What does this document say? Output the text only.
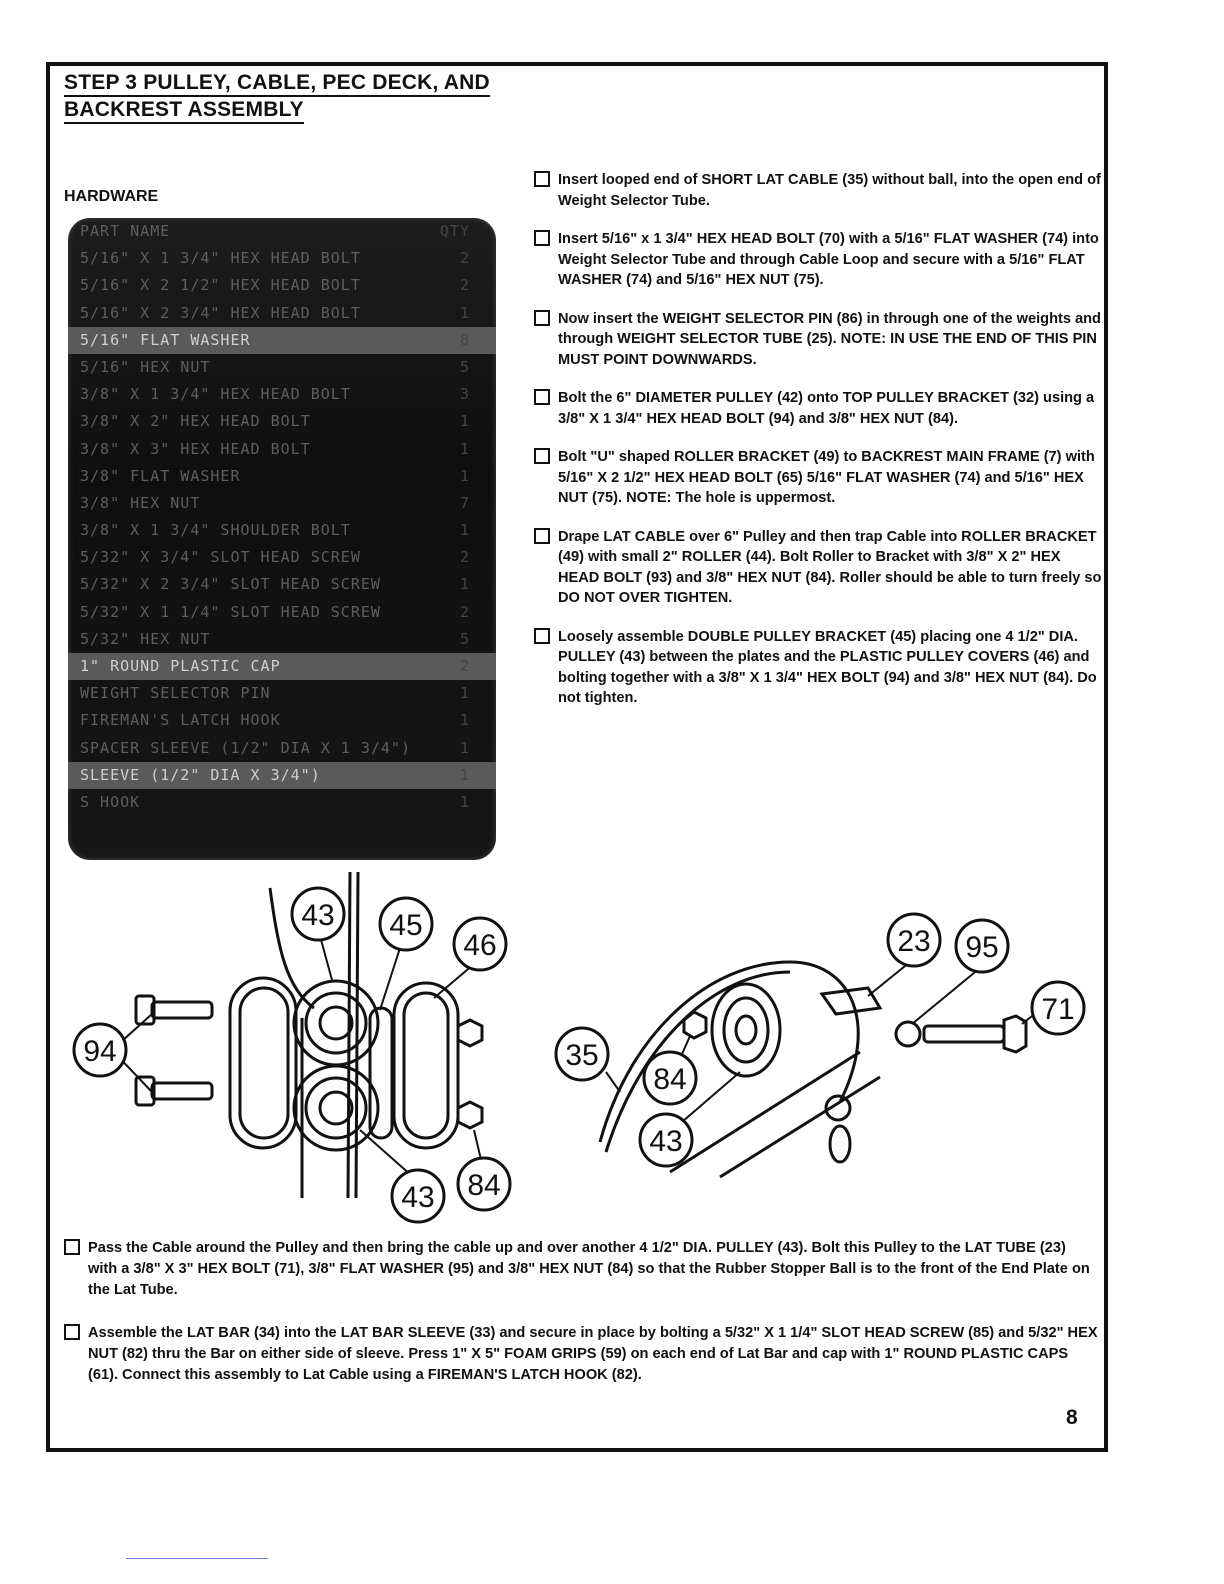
STEP 3 PULLEY, CABLE, PEC DECK, AND
BACKREST ASSEMBLY
HARDWARE
PART NAME	QTY
5/16" X 1 3/4" HEX HEAD BOLT	2
5/16" X 2 1/2" HEX HEAD BOLT	2
5/16" X 2 3/4" HEX HEAD BOLT	1
5/16" FLAT WASHER	8
5/16" HEX NUT	5
3/8" X 1 3/4" HEX HEAD BOLT	3
3/8" X 2" HEX HEAD BOLT	1
3/8" X 3" HEX HEAD BOLT	1
3/8" FLAT WASHER	1
3/8" HEX NUT	7
3/8" X 1 3/4" SHOULDER BOLT	1
5/32" X 3/4" SLOT HEAD SCREW	2
5/32" X 2 3/4" SLOT HEAD SCREW	1
5/32" X 1 1/4" SLOT HEAD SCREW	2
5/32" HEX NUT	5
1" ROUND PLASTIC CAP	2
WEIGHT SELECTOR PIN	1
FIREMAN'S LATCH HOOK	1
SPACER SLEEVE (1/2" DIA X 1 3/4")	1
SLEEVE (1/2" DIA X 3/4")	1
S HOOK	1
Insert looped end of SHORT LAT CABLE (35) without ball, into the open end of Weight Selector Tube.
Insert 5/16" x 1 3/4" HEX HEAD BOLT (70) with a 5/16" FLAT WASHER (74) into Weight Selector Tube and through Cable Loop and secure with a 5/16" FLAT WASHER (74) and 5/16" HEX NUT (75).
Now insert the WEIGHT SELECTOR PIN (86) in through one of the weights and through WEIGHT SELECTOR TUBE (25). NOTE: IN USE THE END OF THIS PIN MUST POINT DOWNWARDS.
Bolt the 6" DIAMETER PULLEY (42) onto TOP PULLEY BRACKET (32) using a 3/8" X 1 3/4" HEX HEAD BOLT (94) and 3/8" HEX NUT (84).
Bolt "U" shaped ROLLER BRACKET (49) to BACKREST MAIN FRAME (7) with 5/16" X 2 1/2" HEX HEAD BOLT (65) 5/16" FLAT WASHER (74) and 5/16" HEX NUT (75). NOTE: The hole is uppermost.
Drape LAT CABLE over 6" Pulley and then trap Cable into ROLLER BRACKET (49) with small 2" ROLLER (44). Bolt Roller to Bracket with 3/8" X 2" HEX HEAD BOLT (93) and 3/8" HEX NUT (84). Roller should be able to turn freely so DO NOT OVER TIGHTEN.
Loosely assemble DOUBLE PULLEY BRACKET (45) placing one 4 1/2" DIA. PULLEY (43) between the plates and the PLASTIC PULLEY COVERS (46) and bolting together with a 3/8" X 1 3/4" HEX BOLT (94) and 3/8" HEX NUT (84). Do not tighten.
43 45
46
94
43 84
23 95
71
35
84
43
Pass the Cable around the Pulley and then bring the cable up and over another 4 1/2" DIA. PULLEY (43). Bolt this Pulley to the LAT TUBE (23) with a 3/8" X 3" HEX BOLT (71), 3/8" FLAT WASHER (95) and 3/8" HEX NUT (84) so that the Rubber Stopper Ball is to the front of the End Plate on the Lat Tube.
Assemble the LAT BAR (34) into the LAT BAR SLEEVE (33) and secure in place by bolting a 5/32" X 1 1/4" SLOT HEAD SCREW (85) and 5/32" HEX NUT (82) thru the Bar on either side of sleeve. Press 1" X 5" FOAM GRIPS (59) on each end of Lat Bar and cap with 1" ROUND PLASTIC CAPS (61). Connect this assembly to Lat Cable using a FIREMAN'S LATCH HOOK (82).
8
